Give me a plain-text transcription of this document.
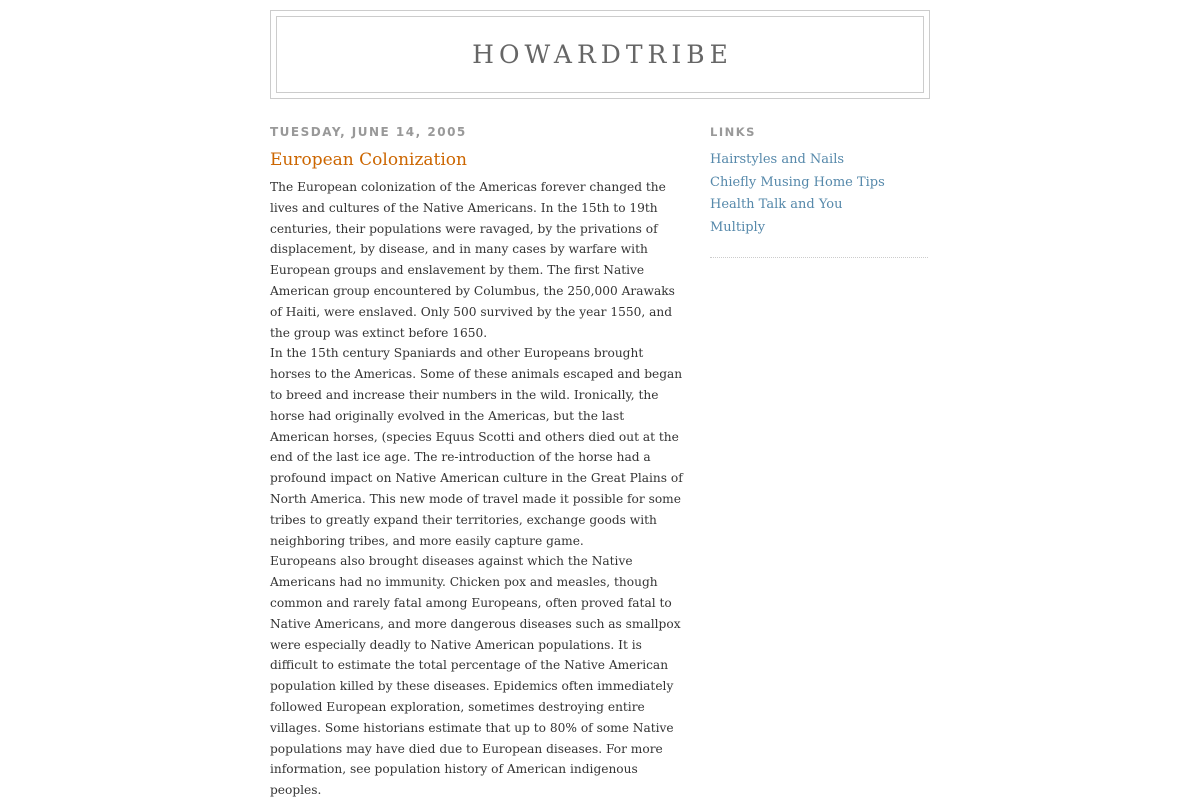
HOWARDTRIBE
TUESDAY, JUNE 14, 2005
European Colonization

The European colonization of the Americas forever changed the lives and cultures of the Native Americans. In the 15th to 19th centuries, their populations were ravaged, by the privations of displacement, by disease, and in many cases by warfare with European groups and enslavement by them. The first Native American group encountered by Columbus, the 250,000 Arawaks of Haiti, were enslaved. Only 500 survived by the year 1550, and the group was extinct before 1650.

In the 15th century Spaniards and other Europeans brought horses to the Americas. Some of these animals escaped and began to breed and increase their numbers in the wild. Ironically, the horse had originally evolved in the Americas, but the last American horses, (species Equus Scotti and others died out at the end of the last ice age. The re-introduction of the horse had a profound impact on Native American culture in the Great Plains of North America. This new mode of travel made it possible for some tribes to greatly expand their territories, exchange goods with neighboring tribes, and more easily capture game.

Europeans also brought diseases against which the Native Americans had no immunity. Chicken pox and measles, though common and rarely fatal among Europeans, often proved fatal to Native Americans, and more dangerous diseases such as smallpox were especially deadly to Native American populations. It is difficult to estimate the total percentage of the Native American population killed by these diseases. Epidemics often immediately followed European exploration, sometimes destroying entire villages. Some historians estimate that up to 80% of some Native populations may have died due to European diseases. For more information, see population history of American indigenous peoples.

LINKS
Hairstyles and Nails
Chiefly Musing Home Tips
Health Talk and You
Multiply
